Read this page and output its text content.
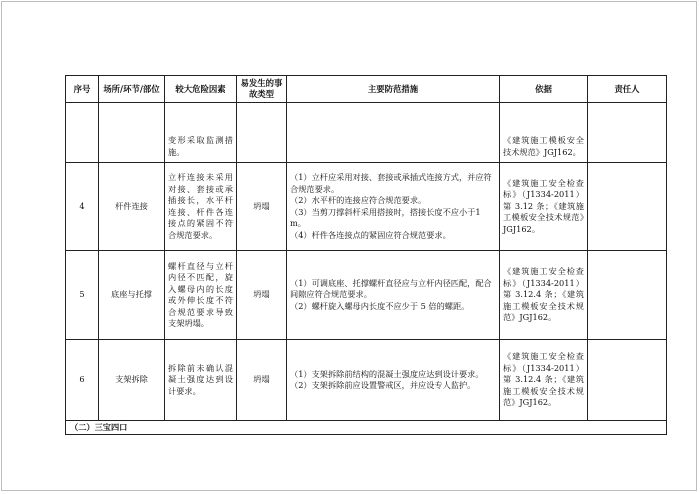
序号	场所/环节/部位	较大危险因素	易发生的事故类型	主要防范措施	依据	责任人
		变形采取监测措施。			《建筑施工模板安全技术规范》JGJ162。	
4	杆件连接	立杆连接未采用对接、套接或承插接长，水平杆连接、杆件各连接点的紧固不符合规范要求。	坍塌	（1）立杆应采用对接、套接或承插式连接方式，并应符合规范要求。
（2）水平杆的连接应符合规范要求。
（3）当剪刀撑斜杆采用搭接时，搭接长度不应小于1m。
（4）杆件各连接点的紧固应符合规范要求。	《建筑施工安全检查标》（J1334-2011）第 3.12 条；《建筑施工模板安全技术规范》JGJ162。	
5	底座与托撑	螺杆直径与立杆内径不匹配，旋入螺母内的长度或外伸长度不符合规范要求导致支架坍塌。	坍塌	（1）可调底座、托撑螺杆直径应与立杆内径匹配，配合间隙应符合规范要求。
（2）螺杆旋入螺母内长度不应少于 5 倍的螺距。	《建筑施工安全检查标》（J1334-2011）第 3.12.4 条；《建筑施工模板安全技术规范》JGJ162。	
6	支架拆除	拆除前未确认混凝土强度达到设计要求。	坍塌	（1）支架拆除前结构的混凝土强度应达到设计要求。
（2）支架拆除前应设置警戒区，并应设专人监护。	《建筑施工安全检查标》（J1334-2011）第 3.12.4 条；《建筑施工模板安全技术规范》JGJ162。	
（二）三宝四口						
